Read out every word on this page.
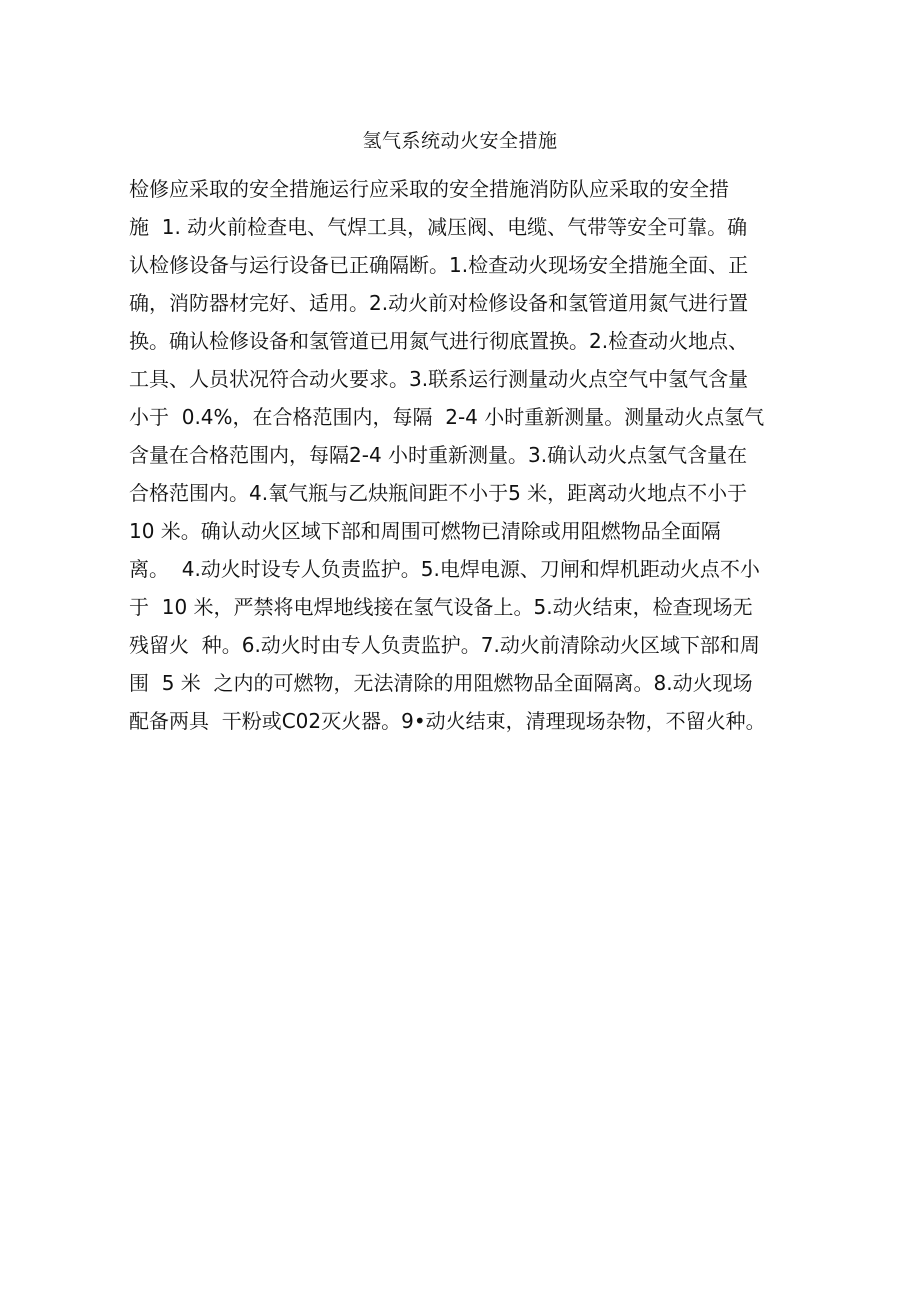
氢气系统动火安全措施
检修应采取的安全措施运行应采取的安全措施消防队应采取的安全措
施  1. 动火前检查电、气焊工具，减压阀、电缆、气带等安全可靠。确
认检修设备与运行设备已正确隔断。1.检查动火现场安全措施全面、正
确，消防器材完好、适用。2.动火前对检修设备和氢管道用氮气进行置
换。确认检修设备和氢管道已用氮气进行彻底置换。2.检查动火地点、
工具、人员状况符合动火要求。3.联系运行测量动火点空气中氢气含量
小于  0.4%，在合格范围内，每隔  2-4 小时重新测量。测量动火点氢气
含量在合格范围内，每隔2-4 小时重新测量。3.确认动火点氢气含量在
合格范围内。4.氧气瓶与乙炔瓶间距不小于5 米，距离动火地点不小于
10 米。确认动火区域下部和周围可燃物已清除或用阻燃物品全面隔
离。  4.动火时设专人负责监护。5.电焊电源、刀闸和焊机距动火点不小
于  10 米，严禁将电焊地线接在氢气设备上。5.动火结束，检查现场无
残留火  种。6.动火时由专人负责监护。7.动火前清除动火区域下部和周
围  5 米  之内的可燃物，无法清除的用阻燃物品全面隔离。8.动火现场
配备两具  干粉或C02灭火器。9•动火结束，清理现场杂物，不留火种。
